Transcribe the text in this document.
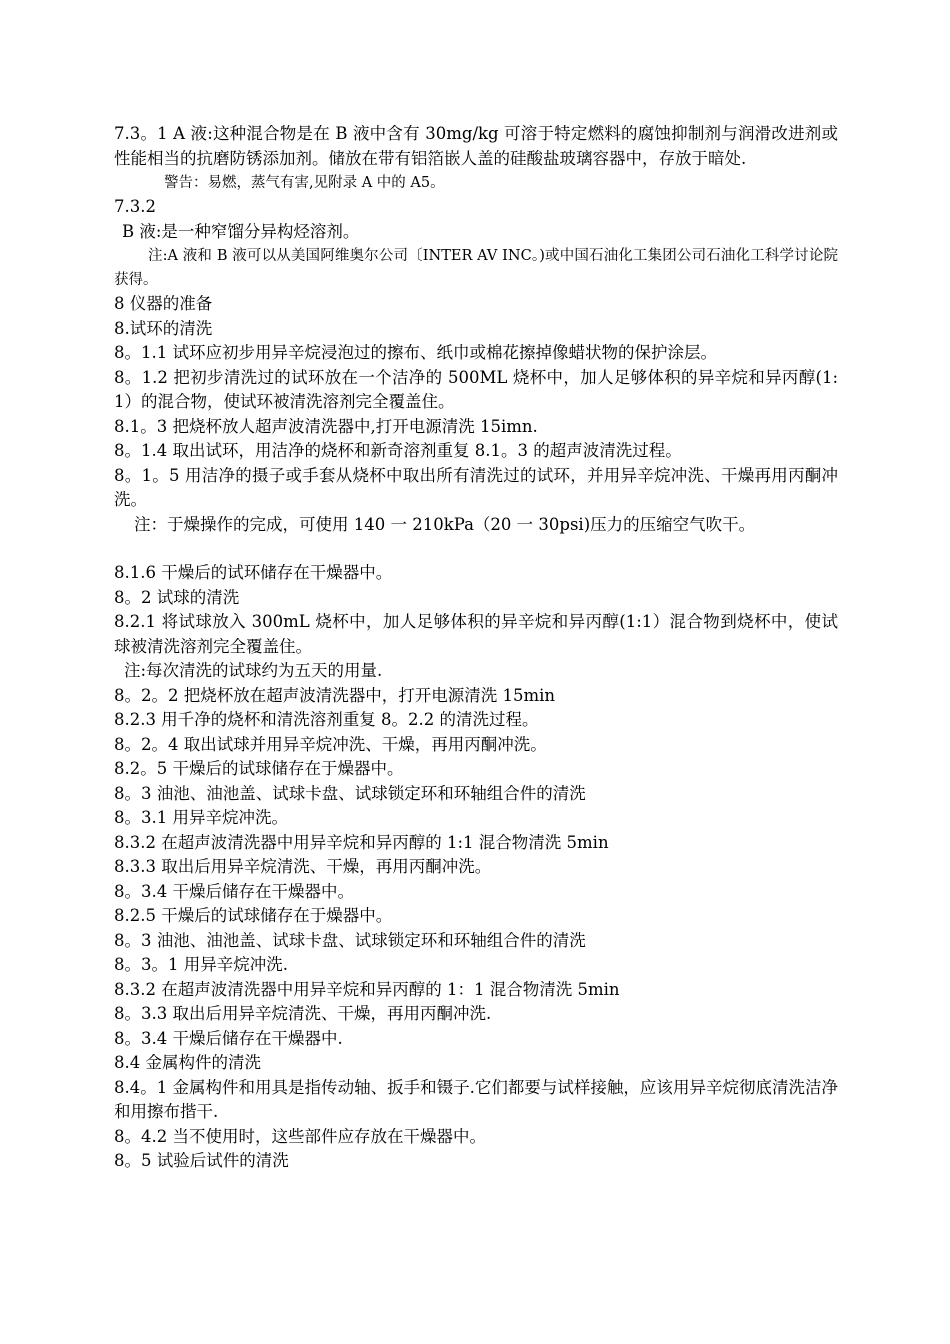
7.3。1 A 液:这种混合物是在 B 液中含有 30mg/kg 可溶于特定燃料的腐蚀抑制剂与润滑改进剂或性能相当的抗磨防锈添加剂。储放在带有铝箔嵌人盖的硅酸盐玻璃容器中，存放于暗处.

警告：易燃，蒸气有害,见附录 A 中的 A5。

7.3.2

B 液:是一种窄馏分异构烃溶剂。

注:A 液和 B 液可以从美国阿维奥尔公司〔INTER AV INC。)或中国石油化工集团公司石油化工科学讨论院获得。

8 仪器的准备

8.试环的清洗

8。1.1 试环应初步用异辛烷浸泡过的擦布、纸巾或棉花擦掉像蜡状物的保护涂层。

8。1.2 把初步清洗过的试环放在一个洁净的 500ML 烧杯中，加人足够体积的异辛烷和异丙醇(1:1）的混合物，使试环被清洗溶剂完全覆盖住。

8.1。3 把烧杯放人超声波清洗器中,打开电源清洗 15imn.

8。1.4 取出试环，用洁净的烧杯和新奇溶剂重复 8.1。3 的超声波清洗过程。

8。1。5 用洁净的摄子或手套从烧杯中取出所有清洗过的试环，并用异辛烷冲洗、干燥再用丙酮冲洗。

注：于燥操作的完成，可使用 140 一 210kPa（20 一 30psi)压力的压缩空气吹干。

8.1.6 干燥后的试环储存在干燥器中。

8。2 试球的清洗

8.2.1 将试球放入 300mL 烧杯中，加人足够体积的异辛烷和异丙醇(1:1）混合物到烧杯中，使试球被清洗溶剂完全覆盖住。

注:每次清洗的试球约为五天的用量.

8。2。2 把烧杯放在超声波清洗器中，打开电源清洗 15min

8.2.3 用千净的烧杯和清洗溶剂重复 8。2.2 的清洗过程。

8。2。4 取出试球并用异辛烷冲洗、干燥，再用丙酮冲洗。

8.2。5 干燥后的试球储存在于燥器中。

8。3 油池、油池盖、试球卡盘、试球锁定环和环轴组合件的清洗

8。3.1 用异辛烷冲洗。

8.3.2 在超声波清洗器中用异辛烷和异丙醇的 1:1 混合物清洗 5min

8.3.3 取出后用异辛烷清洗、干燥，再用丙酮冲洗。

8。3.4 干燥后储存在干燥器中。

8.2.5 干燥后的试球储存在于燥器中。

8。3 油池、油池盖、试球卡盘、试球锁定环和环轴组合件的清洗

8。3。1 用异辛烷冲洗.

8.3.2 在超声波清洗器中用异辛烷和异丙醇的 1：1 混合物清洗 5min

8。3.3 取出后用异辛烷清洗、干燥，再用丙酮冲洗.

8。3.4 干燥后储存在干燥器中.

8.4 金属构件的清洗

8.4。1 金属构件和用具是指传动轴、扳手和镊子.它们都要与试样接触，应该用异辛烷彻底清洗洁净和用擦布揩干.

8。4.2 当不使用时，这些部件应存放在干燥器中。

8。5 试验后试件的清洗
